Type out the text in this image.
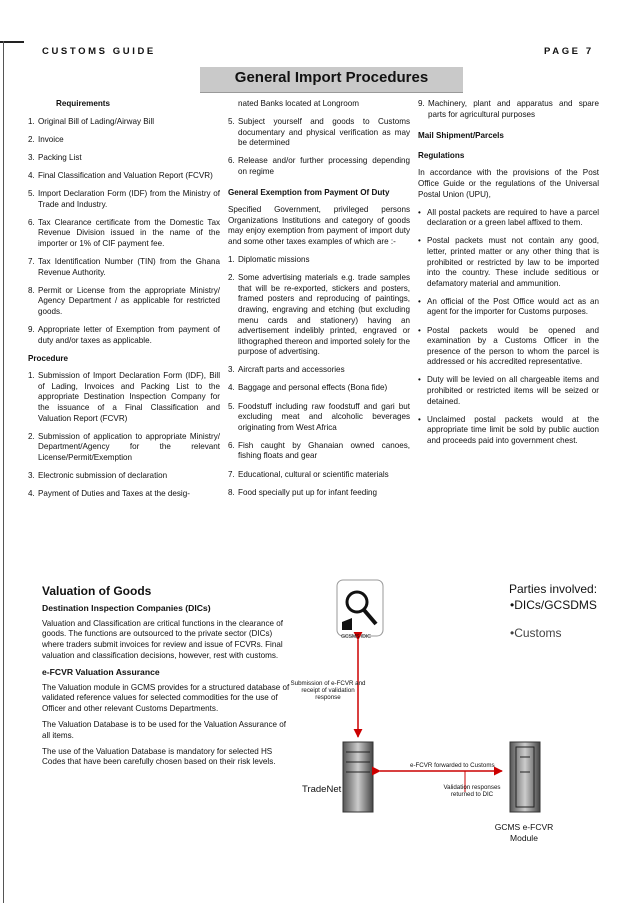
CUSTOMS GUIDE	PAGE 7
General Import Procedures

Requirements

1. Original Bill of Lading/Airway Bill

2. Invoice

3. Packing List

4. Final Classification and Valuation Report (FCVR)

5. Import Declaration Form (IDF) from the Ministry of Trade and Industry.

6. Tax Clearance certificate from the Domestic Tax Revenue Division issued in the name of the importer or 1% of CIF payment fee.

7. Tax Identification Number (TIN) from the Ghana Revenue Authority.

8. Permit or License from the appropriate Ministry/ Agency Department / as applicable for restricted goods.

9. Appropriate letter of Exemption from payment of duty and/or taxes as applicable.

Procedure

1. Submission of Import Declaration Form (IDF), Bill of Lading, Invoices and Packing List to the appropriate Destination Inspection Company for the issuance of a Final Classification and Valuation Report (FCVR)

2. Submission of application to appropriate Ministry/ Department/Agency for the relevant License/Permit/Exemption

3. Electronic submission of declaration

4. Payment of Duties and Taxes at the desig-

nated Banks located at Longroom

5. Subject yourself and goods to Customs documentary and physical verification as may be determined

6. Release and/or further processing depending on regime

General Exemption from Payment Of Duty

Specified Government, privileged persons Organizations Institutions and category of goods may enjoy exemption from payment of import duty and some other taxes examples of which are :-

1. Diplomatic missions

2. Some advertising materials e.g. trade samples that will be re-exported, stickers and posters, framed posters and reproducing of paintings, drawing, engraving and etching (but excluding menu cards and stationery) having an advertisement indelibly printed, engraved or lithographed thereon and imported solely for the purpose of advertising.

3. Aircraft parts and accessories

4. Baggage and personal effects (Bona fide)

5. Foodstuff including raw foodstuff and gari but excluding meat and alcoholic beverages originating from West Africa

6. Fish caught by Ghanaian owned canoes, fishing floats and gear

7. Educational, cultural or scientific materials

8. Food specially put up for infant feeding

9. Machinery, plant and apparatus and spare parts for agricultural purposes

Mail Shipment/Parcels

Regulations

In accordance with the provisions of the Post Office Guide or the regulations of the Universal Postal Union (UPU),

• All postal packets are required to have a parcel declaration or a green label affixed to them.

• Postal packets must not contain any good, letter, printed matter or any other thing that is prohibited or restricted by law to be imported into the country. These include seditious or defamatory material and ammunition.

• An official of the Post Office would act as an agent for the importer for Customs purposes.

• Postal packets would be opened and examination by a Customs Officer in the presence of the person to whom the parcel is addressed or his accredited representative.

• Duty will be levied on all chargeable items and prohibited or restricted items will be seized or detained.

• Unclaimed postal packets would at the appropriate time limit be sold by public auction and proceeds paid into government chest.

Valuation of Goods
Destination Inspection Companies (DICs)

Valuation and Classification are critical functions in the clearance of goods. The functions are outsourced to the private sector (DICs) where traders submit invoices for review and issue of FCVRs. Final valuation and classification decisions, however, rest with customs.

e-FCVR Valuation Assurance

The Valuation module in GCMS provides for a structured database of validated reference values for selected commodities for the use of Officer and other relevant Customs Departments.

The Valuation Database is to be used for the Valuation Assurance of all items.

The use of the Valuation Database is mandatory for selected HS Codes that have been carefully chosen based on their risk levels.

GCSMS /DIC
Submission of e-FCVR and receipt of validation response
Parties involved:
•DICs/GCSDMS
•Customs
TradeNet
e-FCVR forwarded to Customs
Validation responses returned to DIC
GCMS e-FCVR
Module
